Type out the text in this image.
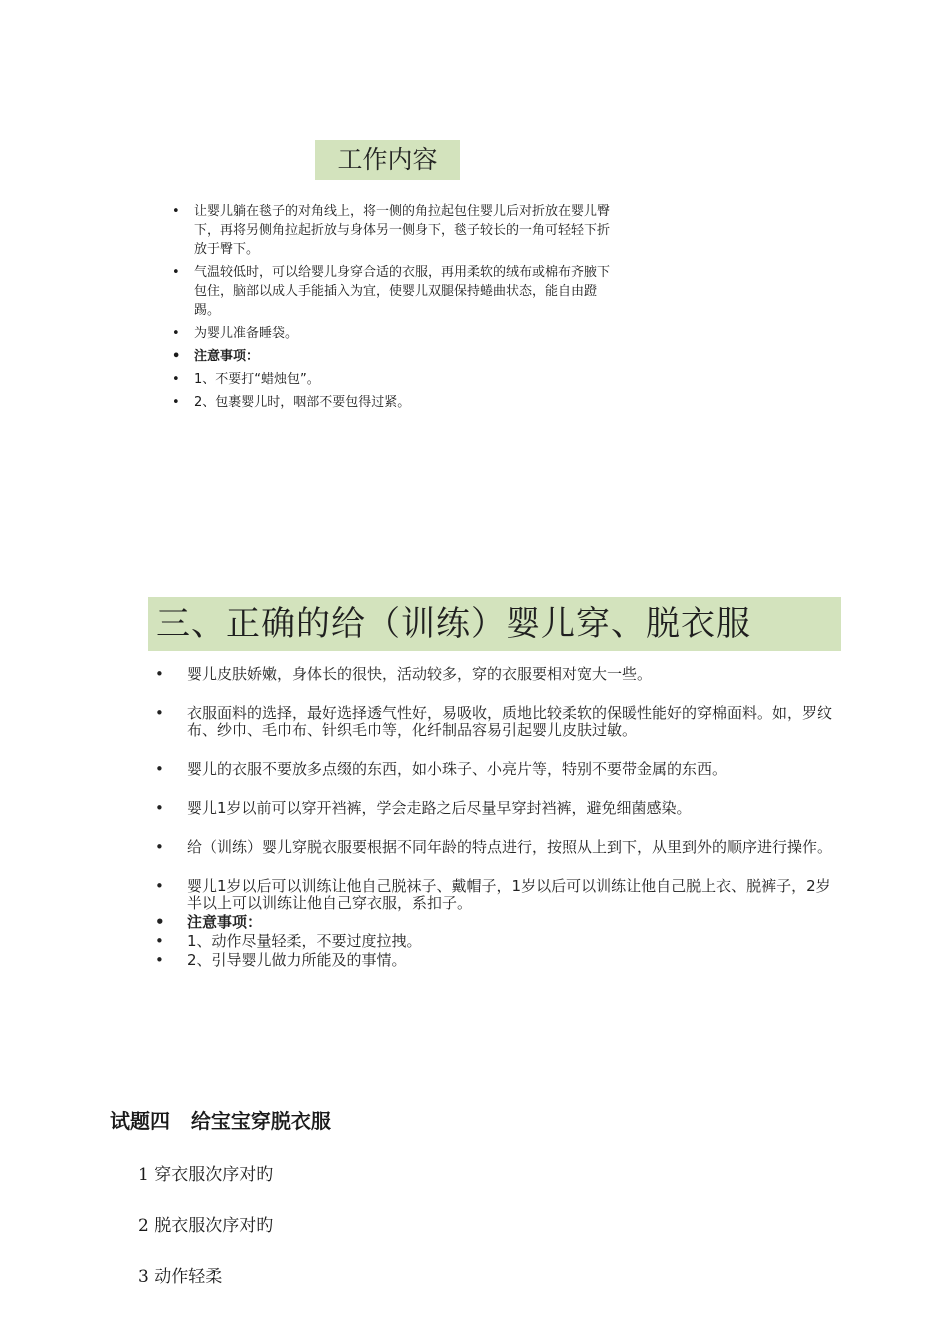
工作内容
• 让婴儿躺在毯子的对角线上，将一侧的角拉起包住婴儿后对折放在婴儿臀下，再将另侧角拉起折放与身体另一侧身下，毯子较长的一角可轻轻下折放于臀下。
• 气温较低时，可以给婴儿身穿合适的衣服，再用柔软的绒布或棉布齐腋下包住，脑部以成人手能插入为宜，使婴儿双腿保持蜷曲状态，能自由蹬踢。
• 为婴儿准备睡袋。
• 注意事项：
• 1、不要打“蜡烛包”。
• 2、包裹婴儿时，咽部不要包得过紧。
三、正确的给（训练）婴儿穿、脱衣服
• 婴儿皮肤娇嫩，身体长的很快，活动较多，穿的衣服要相对宽大一些。
• 衣服面料的选择，最好选择透气性好，易吸收，质地比较柔软的保暖性能好的穿棉面料。如，罗纹布、纱巾、毛巾布、针织毛巾等，化纤制品容易引起婴儿皮肤过敏。
• 婴儿的衣服不要放多点缀的东西，如小珠子、小亮片等，特别不要带金属的东西。
• 婴儿1岁以前可以穿开裆裤，学会走路之后尽量早穿封裆裤，避免细菌感染。
• 给（训练）婴儿穿脱衣服要根据不同年龄的特点进行，按照从上到下，从里到外的顺序进行操作。
• 婴儿1岁以后可以训练让他自己脱袜子、戴帽子，1岁以后可以训练让他自己脱上衣、脱裤子，2岁半以上可以训练让他自己穿衣服，系扣子。
• 注意事项：
• 1、动作尽量轻柔，不要过度拉拽。
• 2、引导婴儿做力所能及的事情。
试题四   给宝宝穿脱衣服
1 穿衣服次序对旳
2 脱衣服次序对旳
3 动作轻柔
